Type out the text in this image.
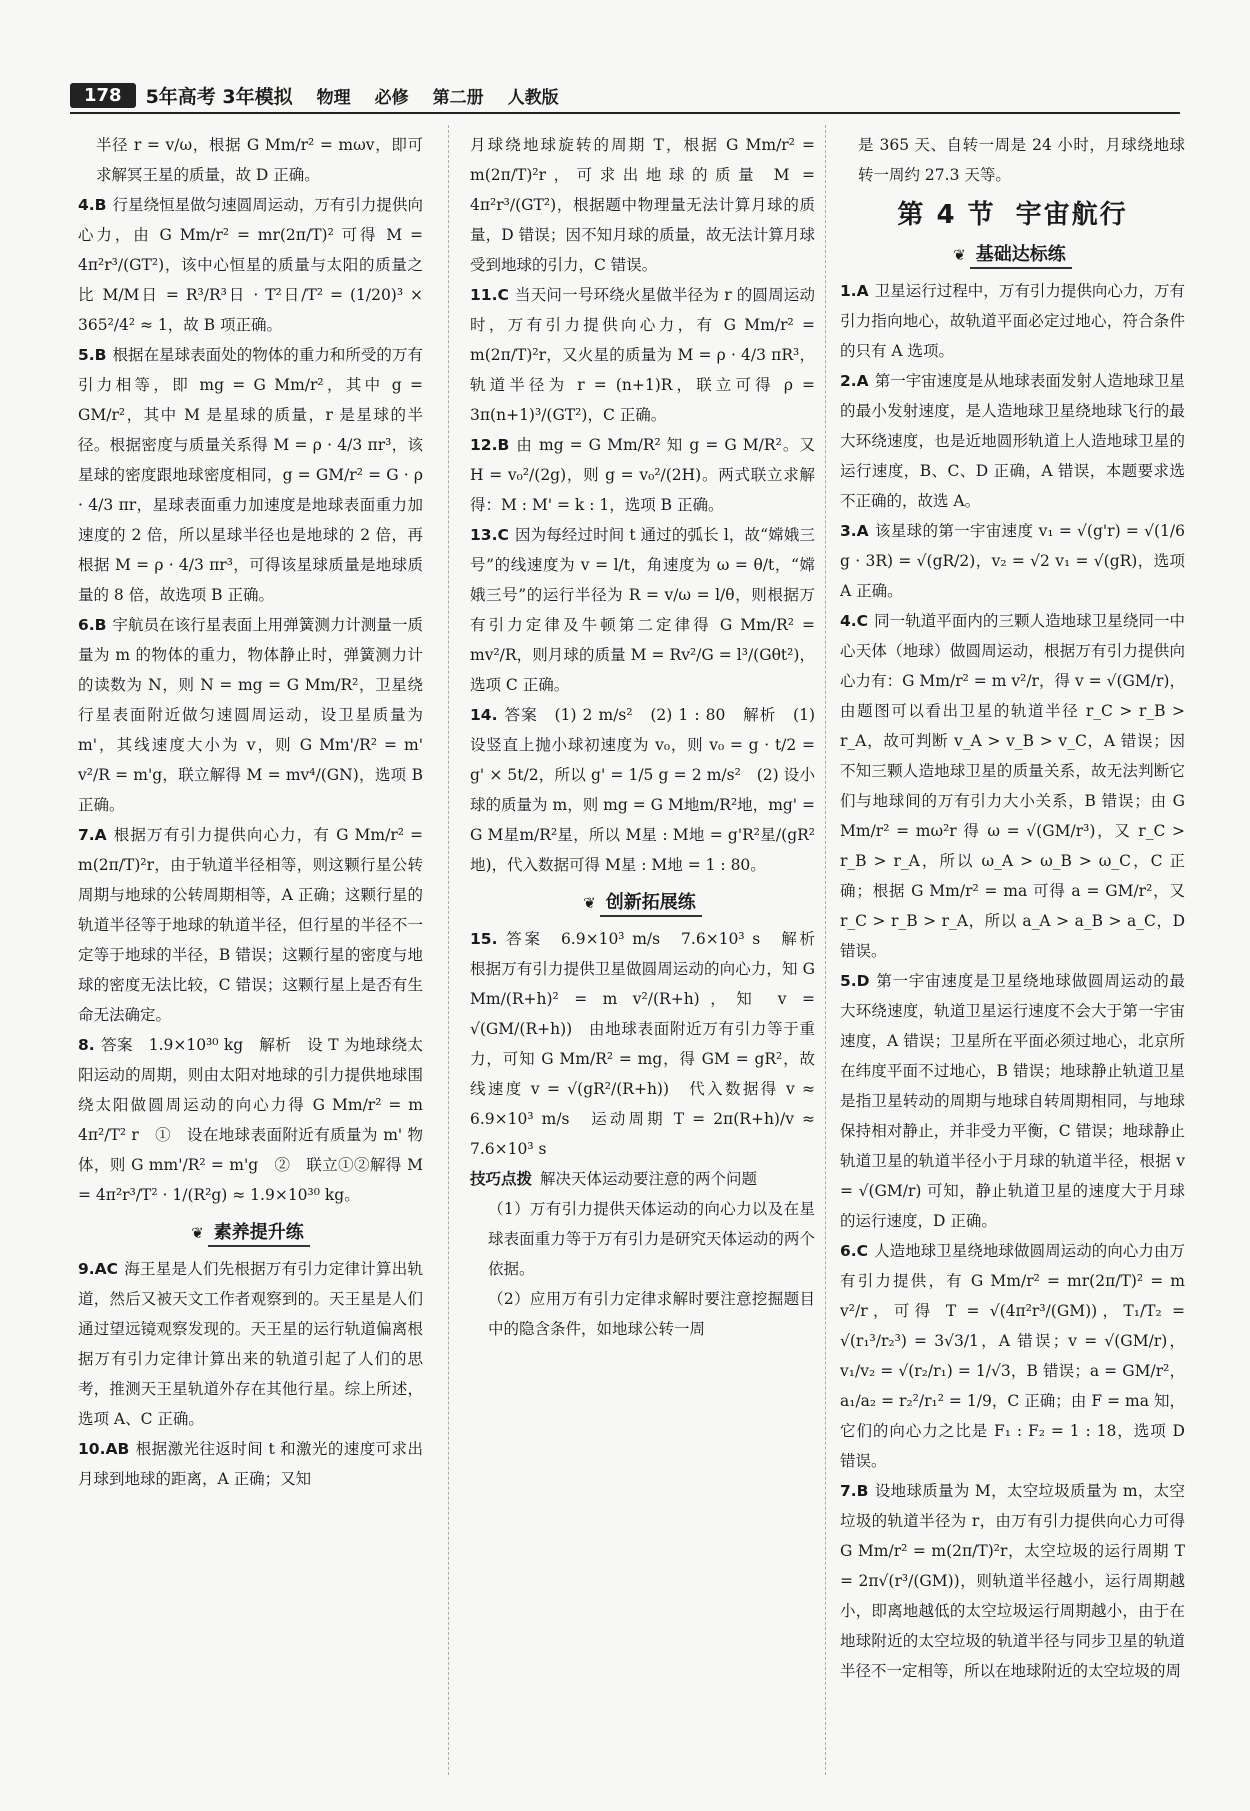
178	5年高考 3年模拟 物理 必修 第二册 人教版

半径 r = v/ω，根据 G Mm/r² = mωv，即可求解冥王星的质量，故 D 正确。

4.B 行星绕恒星做匀速圆周运动，万有引力提供向心力，由 G Mm/r² = mr(2π/T)² 可得 M = 4π²r³/(GT²)，该中心恒星的质量与太阳的质量之比 M/M日 = R³/R³日 · T²日/T² = (1/20)³ × 365²/4² ≈ 1，故 B 项正确。

5.B 根据在星球表面处的物体的重力和所受的万有引力相等，即 mg = G Mm/r²，其中 g = GM/r²，其中 M 是星球的质量，r 是星球的半径。根据密度与质量关系得 M = ρ · 4/3 πr³，该星球的密度跟地球密度相同，g = GM/r² = G · ρ · 4/3 πr，星球表面重力加速度是地球表面重力加速度的 2 倍，所以星球半径也是地球的 2 倍，再根据 M = ρ · 4/3 πr³，可得该星球质量是地球质量的 8 倍，故选项 B 正确。

6.B 宇航员在该行星表面上用弹簧测力计测量一质量为 m 的物体的重力，物体静止时，弹簧测力计的读数为 N，则 N = mg = G Mm/R²，卫星绕行星表面附近做匀速圆周运动，设卫星质量为 m'，其线速度大小为 v，则 G Mm'/R² = m' v²/R = m'g，联立解得 M = mv⁴/(GN)，选项 B 正确。

7.A 根据万有引力提供向心力，有 G Mm/r² = m(2π/T)²r，由于轨道半径相等，则这颗行星公转周期与地球的公转周期相等，A 正确；这颗行星的轨道半径等于地球的轨道半径，但行星的半径不一定等于地球的半径，B 错误；这颗行星的密度与地球的密度无法比较，C 错误；这颗行星上是否有生命无法确定。

8. 答案　1.9×10³⁰ kg　解析　设 T 为地球绕太阳运动的周期，则由太阳对地球的引力提供地球围绕太阳做圆周运动的向心力得 G Mm/r² = m 4π²/T² r　①　设在地球表面附近有质量为 m' 物体，则 G mm'/R² = m'g　②　联立①②解得 M = 4π²r³/T² · 1/(R²g) ≈ 1.9×10³⁰ kg。

❦ 素养提升练

9.AC 海王星是人们先根据万有引力定律计算出轨道，然后又被天文工作者观察到的。天王星是人们通过望远镜观察发现的。天王星的运行轨道偏离根据万有引力定律计算出来的轨道引起了人们的思考，推测天王星轨道外存在其他行星。综上所述，选项 A、C 正确。

10.AB 根据激光往返时间 t 和激光的速度可求出月球到地球的距离，A 正确；又知

月球绕地球旋转的周期 T，根据 G Mm/r² = m(2π/T)²r，可求出地球的质量 M = 4π²r³/(GT²)，根据题中物理量无法计算月球的质量，D 错误；因不知月球的质量，故无法计算月球受到地球的引力，C 错误。

11.C 当天问一号环绕火星做半径为 r 的圆周运动时，万有引力提供向心力，有 G Mm/r² = m(2π/T)²r，又火星的质量为 M = ρ · 4/3 πR³，轨道半径为 r = (n+1)R，联立可得 ρ = 3π(n+1)³/(GT²)，C 正确。

12.B 由 mg = G Mm/R² 知 g = G M/R²。又 H = v₀²/(2g)，则 g = v₀²/(2H)。两式联立求解得：M : M' = k : 1，选项 B 正确。

13.C 因为每经过时间 t 通过的弧长 l，故“嫦娥三号”的线速度为 v = l/t，角速度为 ω = θ/t，“嫦娥三号”的运行半径为 R = v/ω = l/θ，则根据万有引力定律及牛顿第二定律得 G Mm/R² = mv²/R，则月球的质量 M = Rv²/G = l³/(Gθt²)，选项 C 正确。

14. 答案　(1) 2 m/s²　(2) 1 : 80　解析　(1) 设竖直上抛小球初速度为 v₀，则 v₀ = g · t/2 = g' × 5t/2，所以 g' = 1/5 g = 2 m/s²　(2) 设小球的质量为 m，则 mg = G M地m/R²地，mg' = G M星m/R²星，所以 M星 : M地 = g'R²星/(gR²地)，代入数据可得 M星 : M地 = 1 : 80。

❦ 创新拓展练

15. 答案　6.9×10³ m/s　7.6×10³ s　解析　根据万有引力提供卫星做圆周运动的向心力，知 G Mm/(R+h)² = m v²/(R+h)，知 v = √(GM/(R+h))　由地球表面附近万有引力等于重力，可知 G Mm/R² = mg，得 GM = gR²，故线速度 v = √(gR²/(R+h))　代入数据得 v ≈ 6.9×10³ m/s　运动周期 T = 2π(R+h)/v ≈ 7.6×10³ s

技巧点拨 解决天体运动要注意的两个问题

（1）万有引力提供天体运动的向心力以及在星球表面重力等于万有引力是研究天体运动的两个依据。

（2）应用万有引力定律求解时要注意挖掘题目中的隐含条件，如地球公转一周

是 365 天、自转一周是 24 小时，月球绕地球转一周约 27.3 天等。

第 4 节 宇宙航行
❦ 基础达标练

1.A 卫星运行过程中，万有引力提供向心力，万有引力指向地心，故轨道平面必定过地心，符合条件的只有 A 选项。

2.A 第一宇宙速度是从地球表面发射人造地球卫星的最小发射速度，是人造地球卫星绕地球飞行的最大环绕速度，也是近地圆形轨道上人造地球卫星的运行速度，B、C、D 正确，A 错误，本题要求选不正确的，故选 A。

3.A 该星球的第一宇宙速度 v₁ = √(g'r) = √(1/6 g · 3R) = √(gR/2)，v₂ = √2 v₁ = √(gR)，选项 A 正确。

4.C 同一轨道平面内的三颗人造地球卫星绕同一中心天体（地球）做圆周运动，根据万有引力提供向心力有：G Mm/r² = m v²/r，得 v = √(GM/r)，由题图可以看出卫星的轨道半径 r_C > r_B > r_A，故可判断 v_A > v_B > v_C，A 错误；因不知三颗人造地球卫星的质量关系，故无法判断它们与地球间的万有引力大小关系，B 错误；由 G Mm/r² = mω²r 得 ω = √(GM/r³)，又 r_C > r_B > r_A，所以 ω_A > ω_B > ω_C，C 正确；根据 G Mm/r² = ma 可得 a = GM/r²，又 r_C > r_B > r_A，所以 a_A > a_B > a_C，D 错误。

5.D 第一宇宙速度是卫星绕地球做圆周运动的最大环绕速度，轨道卫星运行速度不会大于第一宇宙速度，A 错误；卫星所在平面必须过地心，北京所在纬度平面不过地心，B 错误；地球静止轨道卫星是指卫星转动的周期与地球自转周期相同，与地球保持相对静止，并非受力平衡，C 错误；地球静止轨道卫星的轨道半径小于月球的轨道半径，根据 v = √(GM/r) 可知，静止轨道卫星的速度大于月球的运行速度，D 正确。

6.C 人造地球卫星绕地球做圆周运动的向心力由万有引力提供，有 G Mm/r² = mr(2π/T)² = m v²/r，可得 T = √(4π²r³/(GM))，T₁/T₂ = √(r₁³/r₂³) = 3√3/1，A 错误；v = √(GM/r)，v₁/v₂ = √(r₂/r₁) = 1/√3，B 错误；a = GM/r²，a₁/a₂ = r₂²/r₁² = 1/9，C 正确；由 F = ma 知，它们的向心力之比是 F₁ : F₂ = 1 : 18，选项 D 错误。

7.B 设地球质量为 M，太空垃圾质量为 m，太空垃圾的轨道半径为 r，由万有引力提供向心力可得 G Mm/r² = m(2π/T)²r，太空垃圾的运行周期 T = 2π√(r³/(GM))，则轨道半径越小，运行周期越小，即离地越低的太空垃圾运行周期越小，由于在地球附近的太空垃圾的轨道半径与同步卫星的轨道半径不一定相等，所以在地球附近的太空垃圾的周
